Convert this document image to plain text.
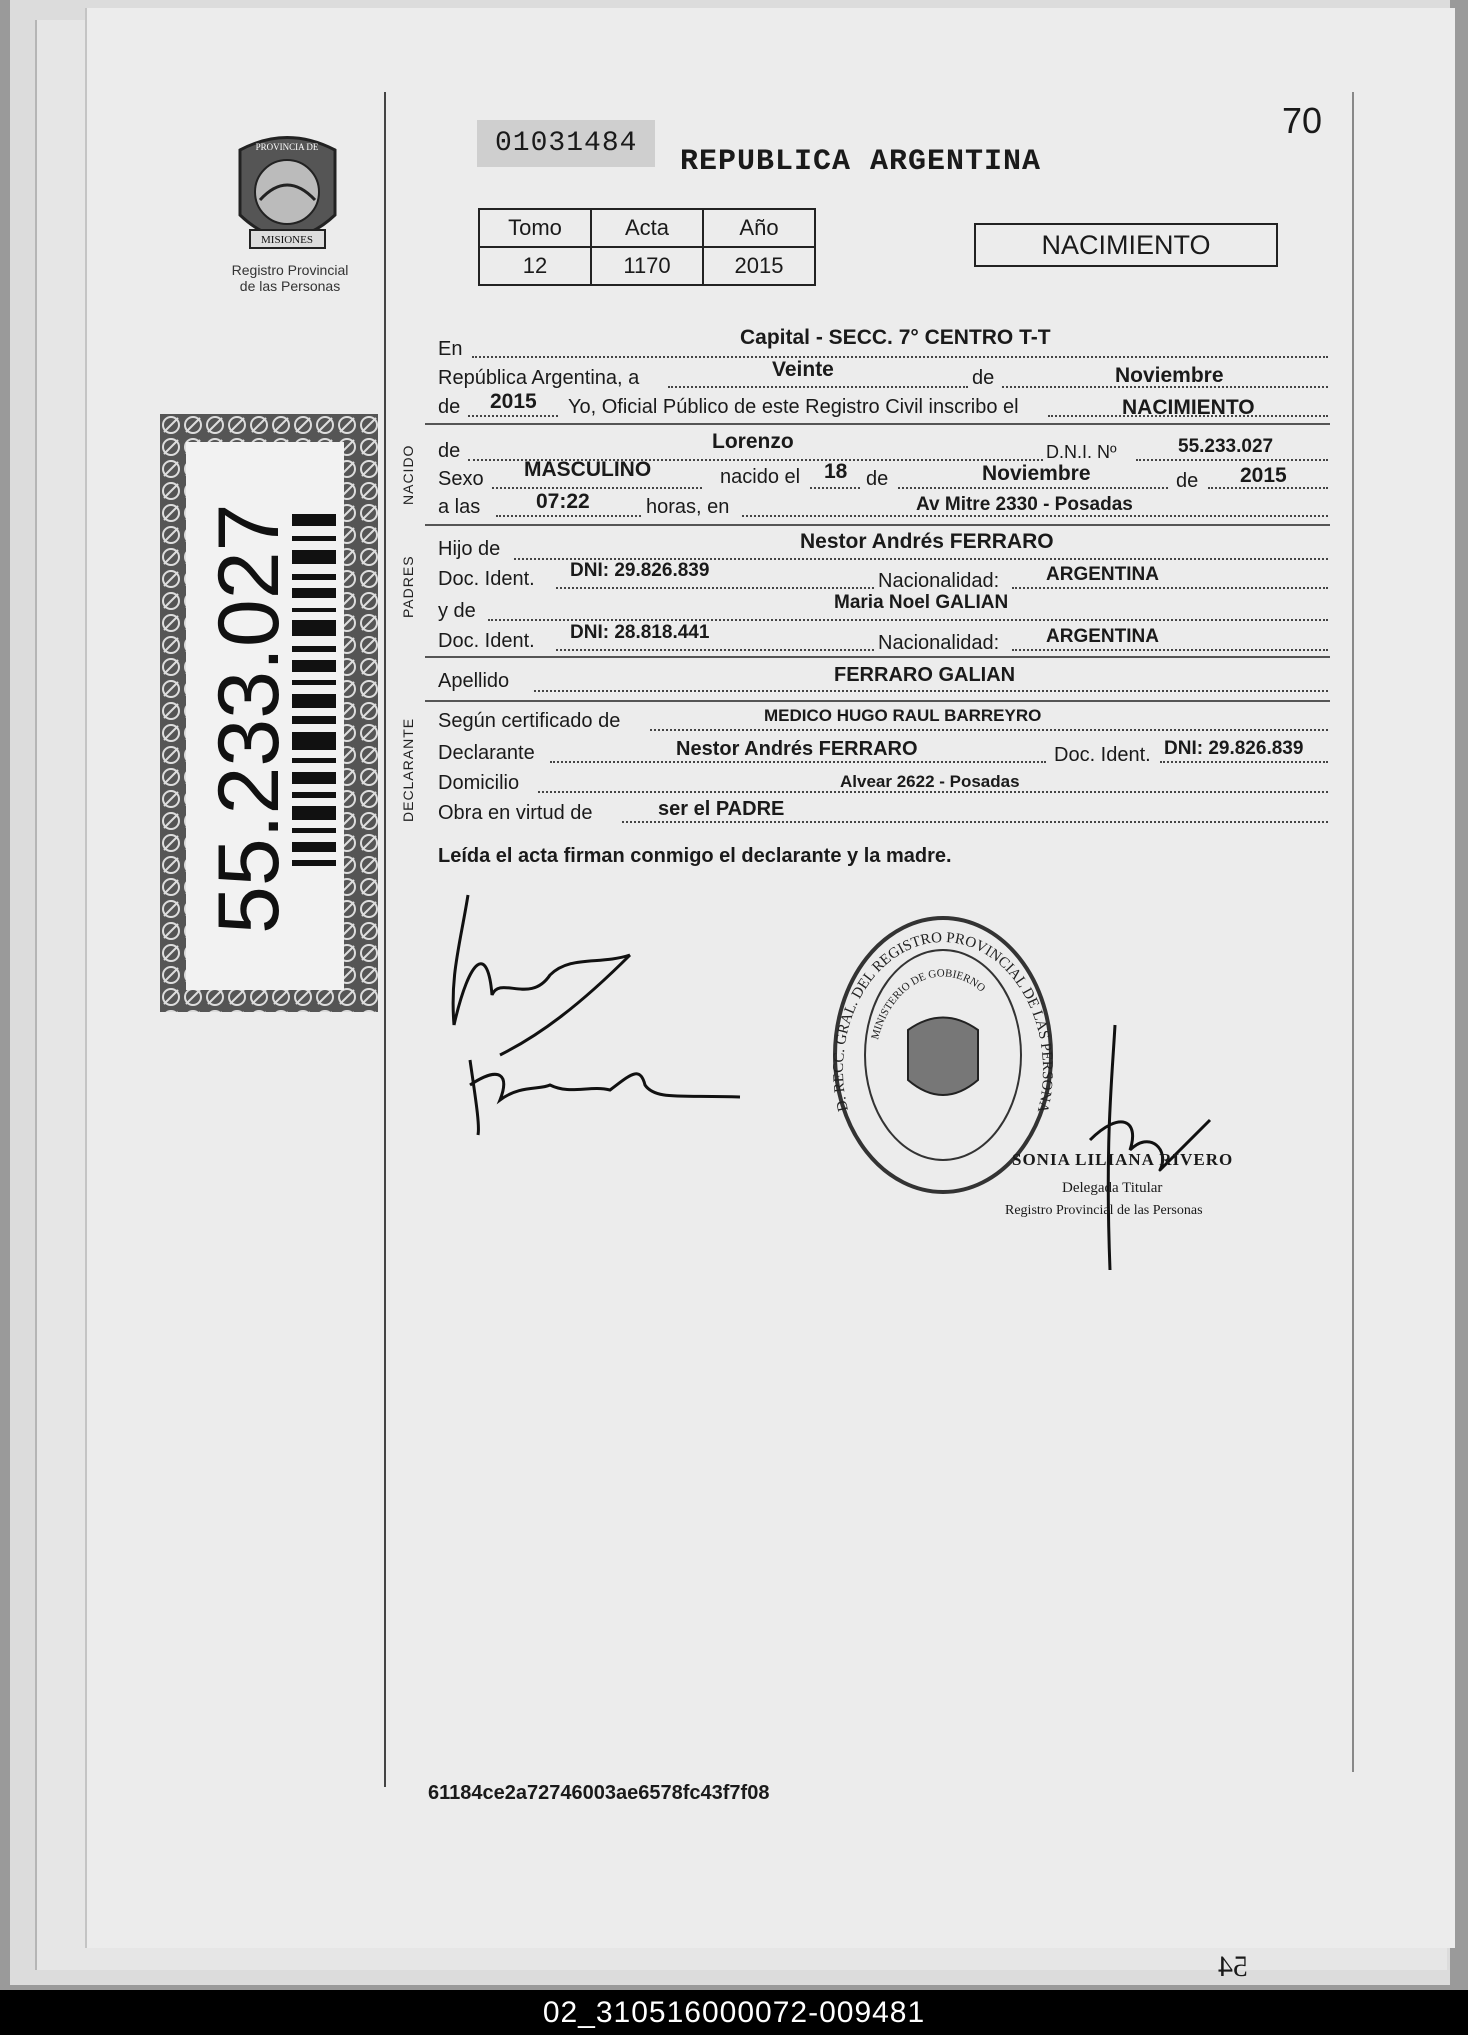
PROVINCIA DE
MISIONES
Registro Provincial
de las Personas
70
01031484
REPUBLICA ARGENTINA
Tomo	Acta	Año
12	1170	2015
NACIMIENTO
55.233.027
NACIDO
PADRES
DECLARANTE
En	Capital - SECC. 7° CENTRO T-T
República Argentina, a	Veinte	de	Noviembre
de 2015 Yo, Oficial Público de este Registro Civil inscribo el	NACIMIENTO
de	Lorenzo	D.N.I. Nº	55.233.027
Sexo MASCULINO	nacido el 18 de	Noviembre	de 2015
a las	07:22	horas, en	Av Mitre 2330 - Posadas
Hijo de	Nestor Andrés FERRARO
Doc. Ident. DNI: 29.826.839	Nacionalidad: ARGENTINA
y de	Maria Noel GALIAN
Doc. Ident. DNI: 28.818.441	Nacionalidad: ARGENTINA
Apellido	FERRARO GALIAN
Según certificado de	MEDICO HUGO RAUL BARREYRO
Declarante	Nestor Andrés FERRARO	Doc. Ident. DNI: 29.826.839
Domicilio	Alvear 2622 - Posadas
Obra en virtud de	ser el PADRE
Leída el acta firman conmigo el declarante y la madre.
D. RECC. GRAL. DEL REGISTRO PROVINCIAL DE LAS PERSONA
MINISTERIO DE GOBIERNO
SONIA LILIANA RIVERO
Delegada Titular
Registro Provincial de las Personas
61184ce2a72746003ae6578fc43f7f08
54
02_310516000072-009481
